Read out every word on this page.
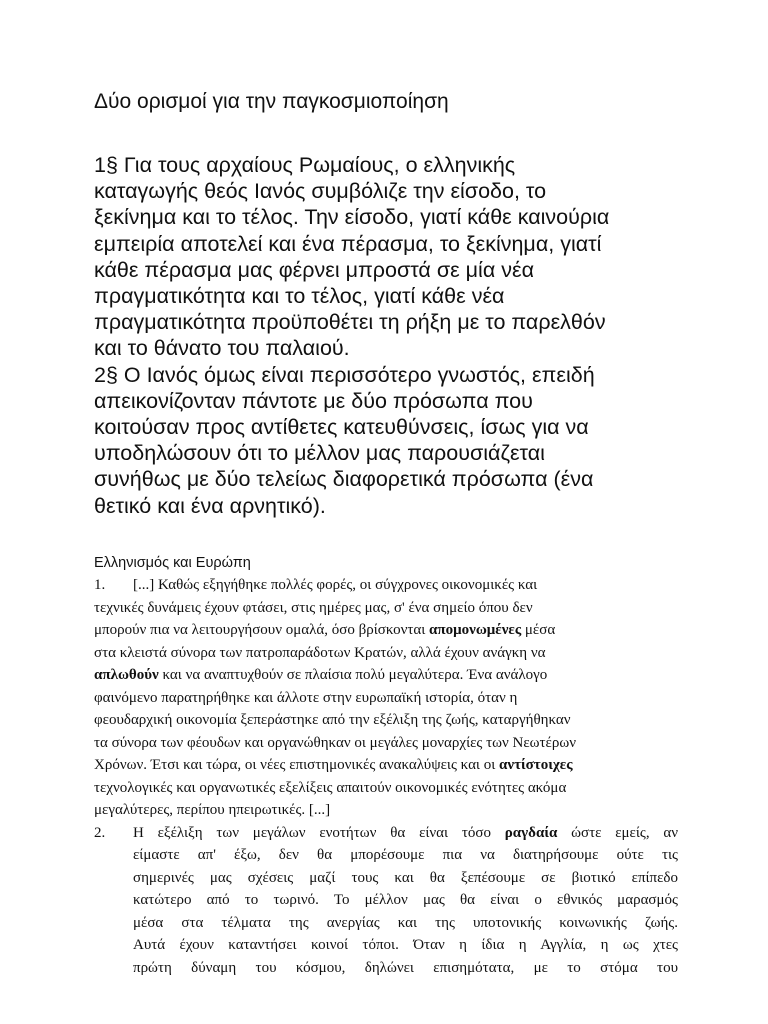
Δύο ορισμοί για την παγκοσμιοποίηση
1§ Για τους αρχαίους Ρωμαίους, ο ελληνικής
καταγωγής θεός Ιανός συμβόλιζε την είσοδο, το
ξεκίνημα και το τέλος. Την είσοδο, γιατί κάθε καινούρια
εμπειρία αποτελεί και ένα πέρασμα, το ξεκίνημα, γιατί
κάθε πέρασμα μας φέρνει μπροστά σε μία νέα
πραγματικότητα και το τέλος, γιατί κάθε νέα
πραγματικότητα προϋποθέτει τη ρήξη με το παρελθόν
και το θάνατο του παλαιού.
2§ Ο Ιανός όμως είναι περισσότερο γνωστός, επειδή
απεικονίζονταν πάντοτε με δύο πρόσωπα που
κοιτούσαν προς αντίθετες κατευθύνσεις, ίσως για να
υποδηλώσουν ότι το μέλλον μας παρουσιάζεται
συνήθως με δύο τελείως διαφορετικά πρόσωπα (ένα
θετικό και ένα αρνητικό).
Ελληνισμός και Ευρώπη
1. [...] Καθώς εξηγήθηκε πολλές φορές, οι σύγχρονες οικονομικές και
τεχνικές δυνάμεις έχουν φτάσει, στις ημέρες μας, σ' ένα σημείο όπου δεν
μπορούν πια να λειτουργήσουν ομαλά, όσο βρίσκονται απομονωμένες μέσα
στα κλειστά σύνορα των πατροπαράδοτων Κρατών, αλλά έχουν ανάγκη να
απλωθούν και να αναπτυχθούν σε πλαίσια πολύ μεγαλύτερα. Ένα ανάλογο
φαινόμενο παρατηρήθηκε και άλλοτε στην ευρωπαϊκή ιστορία, όταν η
φεουδαρχική οικονομία ξεπεράστηκε από την εξέλιξη της ζωής, καταργήθηκαν
τα σύνορα των φέουδων και οργανώθηκαν οι μεγάλες μοναρχίες των Νεωτέρων
Χρόνων. Έτσι και τώρα, οι νέες επιστημονικές ανακαλύψεις και οι αντίστοιχες
τεχνολογικές και οργανωτικές εξελίξεις απαιτούν οικονομικές ενότητες ακόμα
μεγαλύτερες, περίπου ηπειρωτικές. [...]
2. Η εξέλιξη των μεγάλων ενοτήτων θα είναι τόσο ραγδαία ώστε εμείς, αν
είμαστε απ' έξω, δεν θα μπορέσουμε πια να διατηρήσουμε ούτε τις
σημερινές μας σχέσεις μαζί τους και θα ξεπέσουμε σε βιοτικό επίπεδο
κατώτερο από το τωρινό. Το μέλλον μας θα είναι ο εθνικός μαρασμός
μέσα στα τέλματα της ανεργίας και της υποτονικής κοινωνικής ζωής.
Αυτά έχουν καταντήσει κοινοί τόποι. Όταν η ίδια η Αγγλία, η ως χτες
πρώτη δύναμη του κόσμου, δηλώνει επισημότατα, με το στόμα του
